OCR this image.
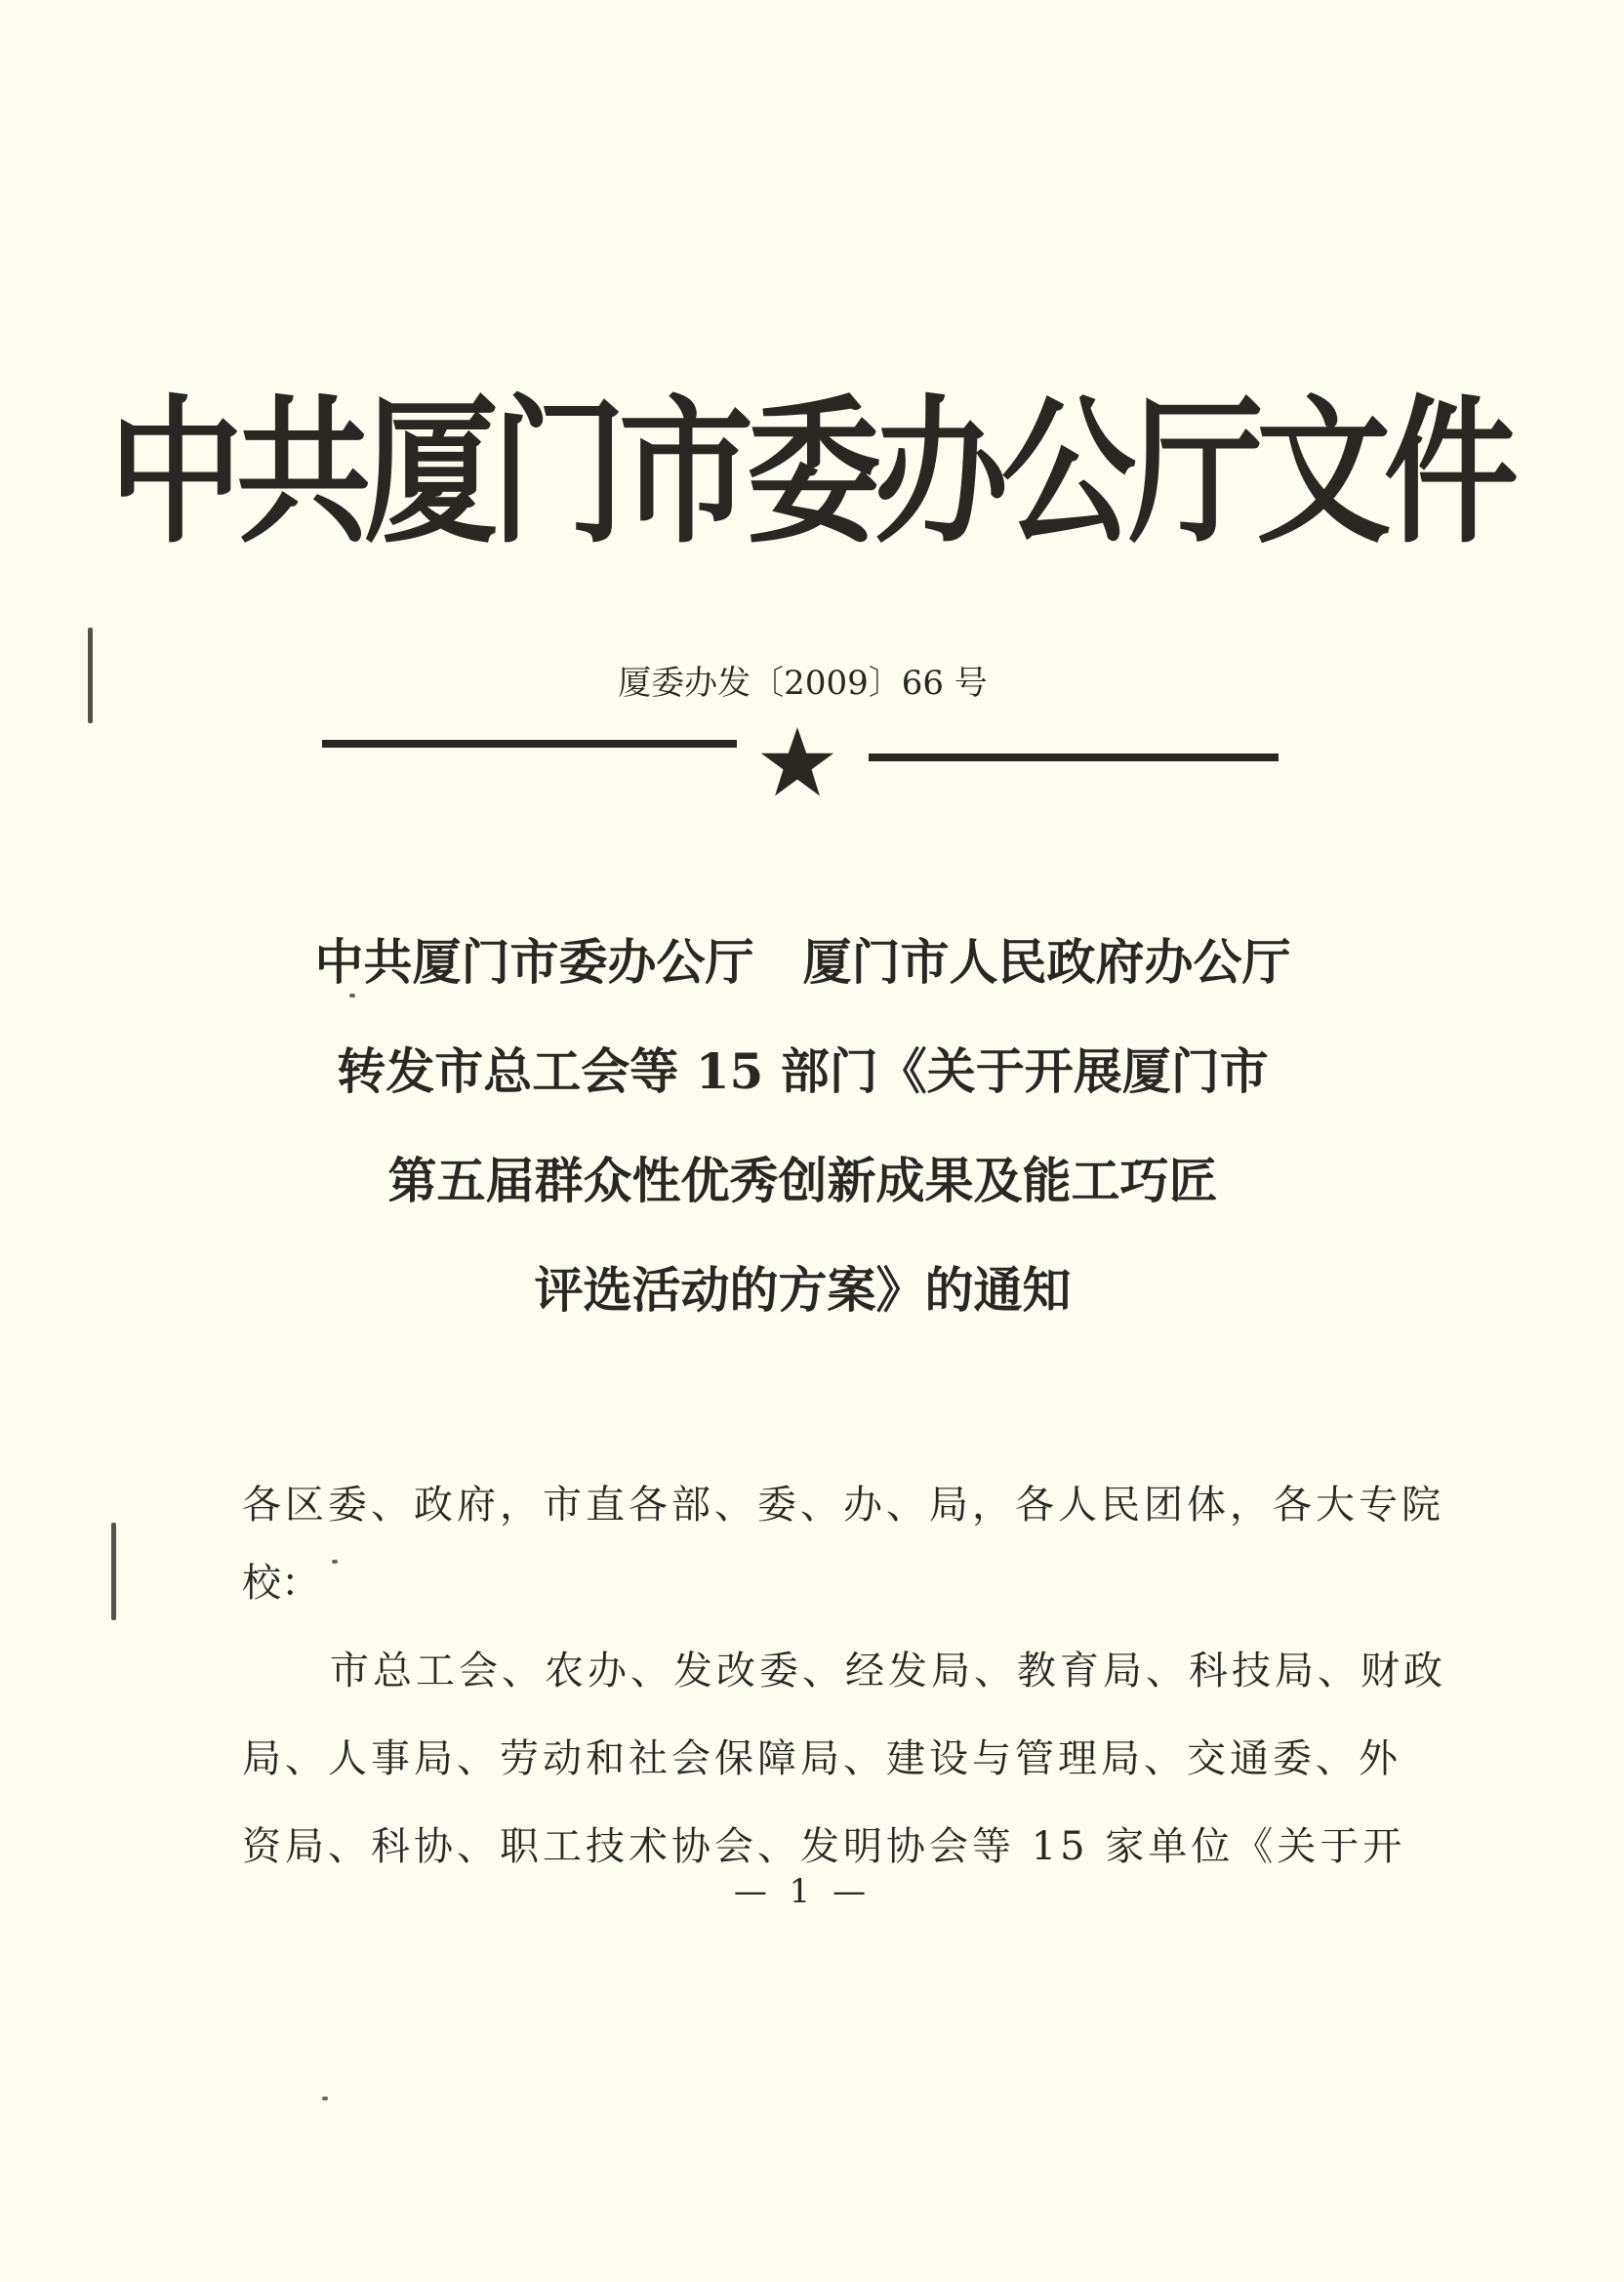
中共厦门市委办公厅文件
厦委办发〔2009〕66 号
中共厦门市委办公厅　厦门市人民政府办公厅
转发市总工会等 15 部门《关于开展厦门市
第五届群众性优秀创新成果及能工巧匠
评选活动的方案》的通知
各区委、政府，市直各部、委、办、局，各人民团体，各大专院
校：
市总工会、农办、发改委、经发局、教育局、科技局、财政
局、人事局、劳动和社会保障局、建设与管理局、交通委、外
资局、科协、职工技术协会、发明协会等 15 家单位《关于开
— 1 —
